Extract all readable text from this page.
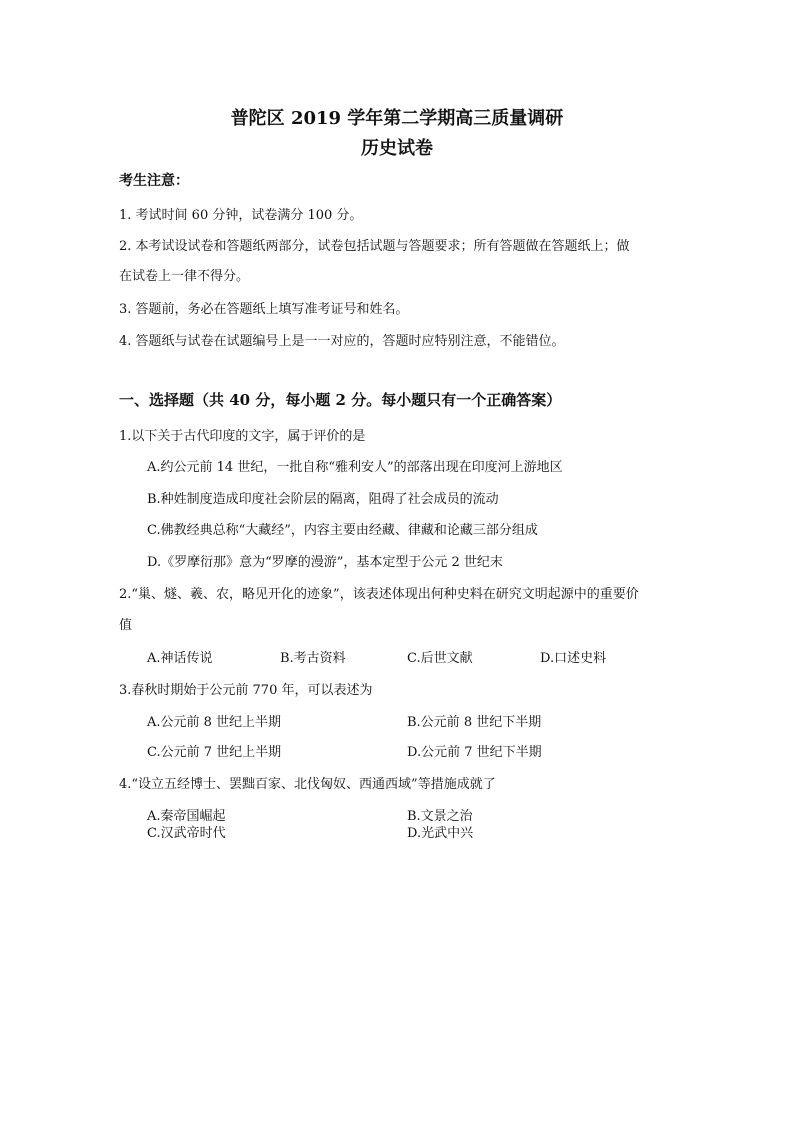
普陀区 2019 学年第二学期高三质量调研
历史试卷
考生注意：
1. 考试时间 60 分钟，试卷满分 100 分。
2. 本考试设试卷和答题纸两部分，试卷包括试题与答题要求；所有答题做在答题纸上；做
在试卷上一律不得分。
3. 答题前，务必在答题纸上填写准考证号和姓名。
4. 答题纸与试卷在试题编号上是一一对应的，答题时应特别注意，不能错位。
一、选择题（共 40 分，每小题 2 分。每小题只有一个正确答案）
1.以下关于古代印度的文字，属于评价的是
A.约公元前 14 世纪，一批自称“雅利安人”的部落出现在印度河上游地区
B.种姓制度造成印度社会阶层的隔离，阻碍了社会成员的流动
C.佛教经典总称“大藏经”，内容主要由经藏、律藏和论藏三部分组成
D.《罗摩衍那》意为“罗摩的漫游”，基本定型于公元 2 世纪末
2.“巢、燧、羲、农，略见开化的迹象”，该表述体现出何种史料在研究文明起源中的重要价
值
A.神话传说	B.考古资料	C.后世文献	D.口述史料
3.春秋时期始于公元前 770 年，可以表述为
A.公元前 8 世纪上半期	B.公元前 8 世纪下半期
C.公元前 7 世纪上半期	D.公元前 7 世纪下半期
4.“设立五经博士、罢黜百家、北伐匈奴、西通西域”等措施成就了
A.秦帝国崛起	B.文景之治
C.汉武帝时代	D.光武中兴
